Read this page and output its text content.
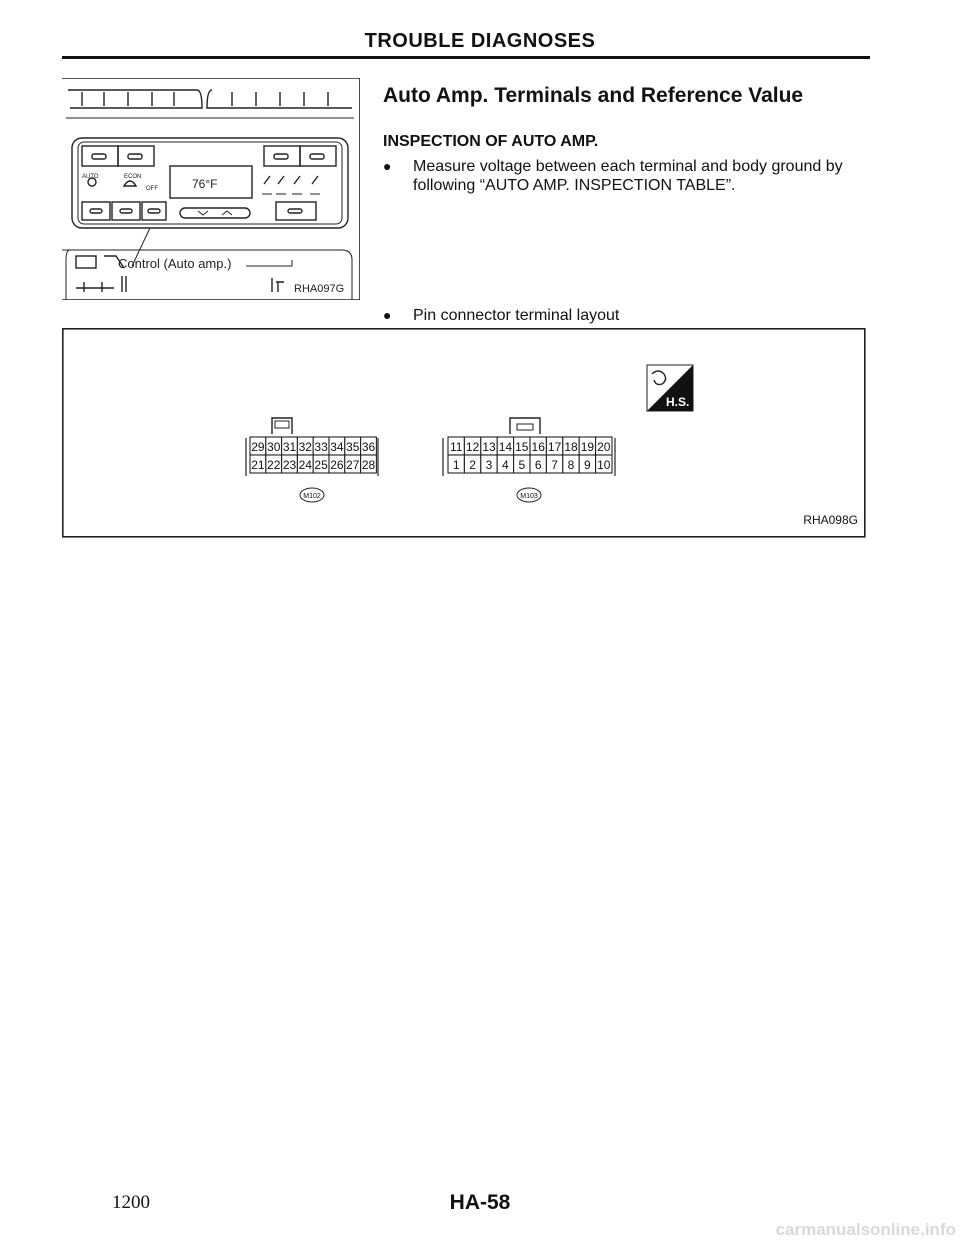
TROUBLE DIAGNOSES
AUTO	ECON
OFF	76°F
Control (Auto amp.)
RHA097G
Auto Amp. Terminals and Reference Value
INSPECTION OF AUTO AMP.
● Measure voltage between each terminal and body ground by following “AUTO AMP. INSPECTION TABLE”.
● Pin connector terminal layout
H.S.
29 30 31 32 33 34 35 36
21 22 23 24 25 26 27 28
M102
11 12 13 14 15 16 17 18 19 20
1 2 3 4 5 6 7 8 9 10
M103
RHA098G
1200	HA-58
carmanualsonline.info
